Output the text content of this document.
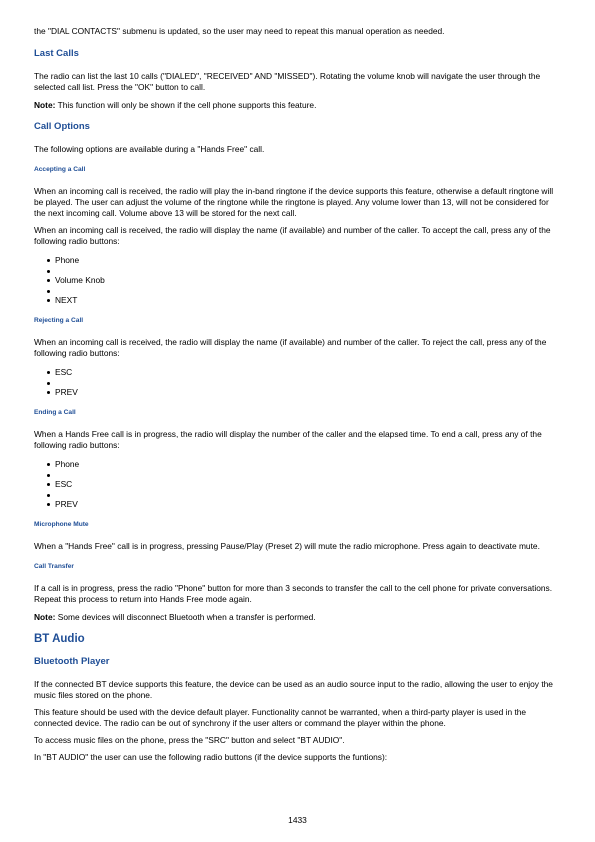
the "DIAL CONTACTS" submenu is updated, so the user may need to repeat this manual operation as needed.

Last Calls

The radio can list the last 10 calls ("DIALED", "RECEIVED" AND "MISSED"). Rotating the volume knob will navigate the user through the selected call list. Press the "OK" button to call.

Note: This function will only be shown if the cell phone supports this feature.

Call Options

The following options are available during a "Hands Free" call.

Accepting a Call

When an incoming call is received, the radio will play the in-band ringtone if the device supports this feature, otherwise a default ringtone will be played. The user can adjust the volume of the ringtone while the ringtone is played. Any volume lower than 13, will not be considered for the next incoming call. Volume above 13 will be stored for the next call.

When an incoming call is received, the radio will display the name (if available) and number of the caller. To accept the call, press any of the following radio buttons:

Phone
Volume Knob
NEXT
Rejecting a Call

When an incoming call is received, the radio will display the name (if available) and number of the caller. To reject the call, press any of the following radio buttons:

ESC
PREV
Ending a Call

When a Hands Free call is in progress, the radio will display the number of the caller and the elapsed time. To end a call, press any of the following radio buttons:

Phone
ESC
PREV
Microphone Mute

When a "Hands Free" call is in progress, pressing Pause/Play (Preset 2) will mute the radio microphone. Press again to deactivate mute.

Call Transfer

If a call is in progress, press the radio "Phone" button for more than 3 seconds to transfer the call to the cell phone for private conversations. Repeat this process to return into Hands Free mode again.

Note: Some devices will disconnect Bluetooth when a transfer is performed.

BT Audio
Bluetooth Player

If the connected BT device supports this feature, the device can be used as an audio source input to the radio, allowing the user to enjoy the music files stored on the phone.

This feature should be used with the device default player. Functionality cannot be warranted, when a third-party player is used in the connected device. The radio can be out of synchrony if the user alters or command the player within the phone.

To access music files on the phone, press the "SRC" button and select "BT AUDIO".

In "BT AUDIO" the user can use the following radio buttons (if the device supports the funtions):

1433
